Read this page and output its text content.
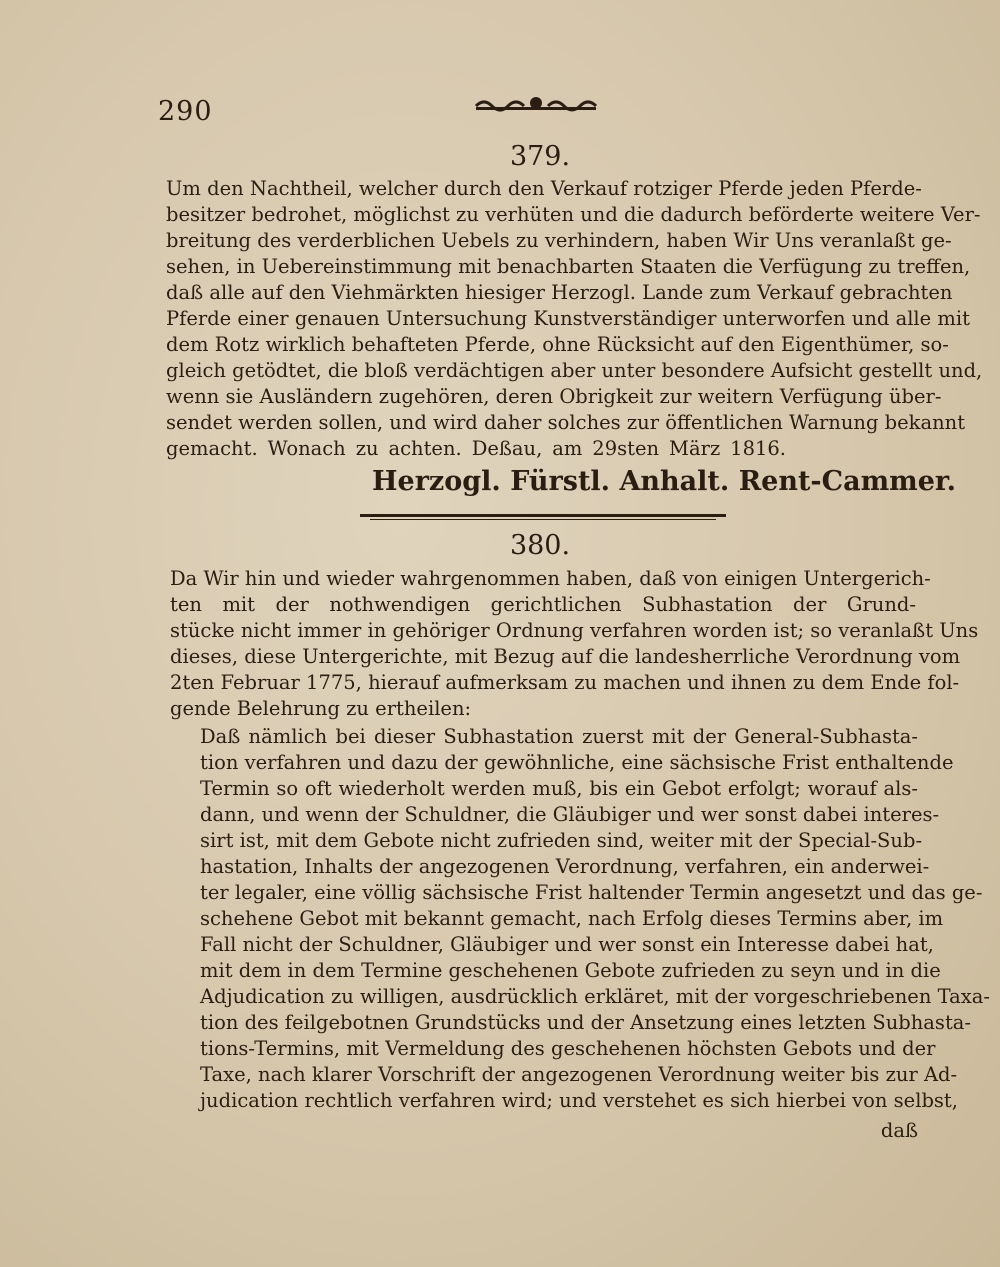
290
379.
Um den Nachtheil, welcher durch den Verkauf rotziger Pferde jeden Pferde-
besitzer bedrohet, möglichst zu verhüten und die dadurch beförderte weitere Ver-
breitung des verderblichen Uebels zu verhindern, haben Wir Uns veranlaßt ge-
sehen, in Uebereinstimmung mit benachbarten Staaten die Verfügung zu treffen,
daß alle auf den Viehmärkten hiesiger Herzogl. Lande zum Verkauf gebrachten
Pferde einer genauen Untersuchung Kunstverständiger unterworfen und alle mit
dem Rotz wirklich behafteten Pferde, ohne Rücksicht auf den Eigenthümer, so-
gleich getödtet, die bloß verdächtigen aber unter besondere Aufsicht gestellt und,
wenn sie Ausländern zugehören, deren Obrigkeit zur weitern Verfügung über-
sendet werden sollen, und wird daher solches zur öffentlichen Warnung bekannt
gemacht. Wonach zu achten. Deßau, am 29sten März 1816.
Herzogl. Fürstl. Anhalt. Rent-Cammer.
380.
Da Wir hin und wieder wahrgenommen haben, daß von einigen Untergerich-
ten mit der nothwendigen gerichtlichen Subhastation der Grund-
stücke nicht immer in gehöriger Ordnung verfahren worden ist; so veranlaßt Uns
dieses, diese Untergerichte, mit Bezug auf die landesherrliche Verordnung vom
2ten Februar 1775, hierauf aufmerksam zu machen und ihnen zu dem Ende fol-
gende Belehrung zu ertheilen:
Daß nämlich bei dieser Subhastation zuerst mit der General-Subhasta-
tion verfahren und dazu der gewöhnliche, eine sächsische Frist enthaltende
Termin so oft wiederholt werden muß, bis ein Gebot erfolgt; worauf als-
dann, und wenn der Schuldner, die Gläubiger und wer sonst dabei interes-
sirt ist, mit dem Gebote nicht zufrieden sind, weiter mit der Special-Sub-
hastation, Inhalts der angezogenen Verordnung, verfahren, ein anderwei-
ter legaler, eine völlig sächsische Frist haltender Termin angesetzt und das ge-
schehene Gebot mit bekannt gemacht, nach Erfolg dieses Termins aber, im
Fall nicht der Schuldner, Gläubiger und wer sonst ein Interesse dabei hat,
mit dem in dem Termine geschehenen Gebote zufrieden zu seyn und in die
Adjudication zu willigen, ausdrücklich erkläret, mit der vorgeschriebenen Taxa-
tion des feilgebotnen Grundstücks und der Ansetzung eines letzten Subhasta-
tions-Termins, mit Vermeldung des geschehenen höchsten Gebots und der
Taxe, nach klarer Vorschrift der angezogenen Verordnung weiter bis zur Ad-
judication rechtlich verfahren wird; und verstehet es sich hierbei von selbst,
daß
